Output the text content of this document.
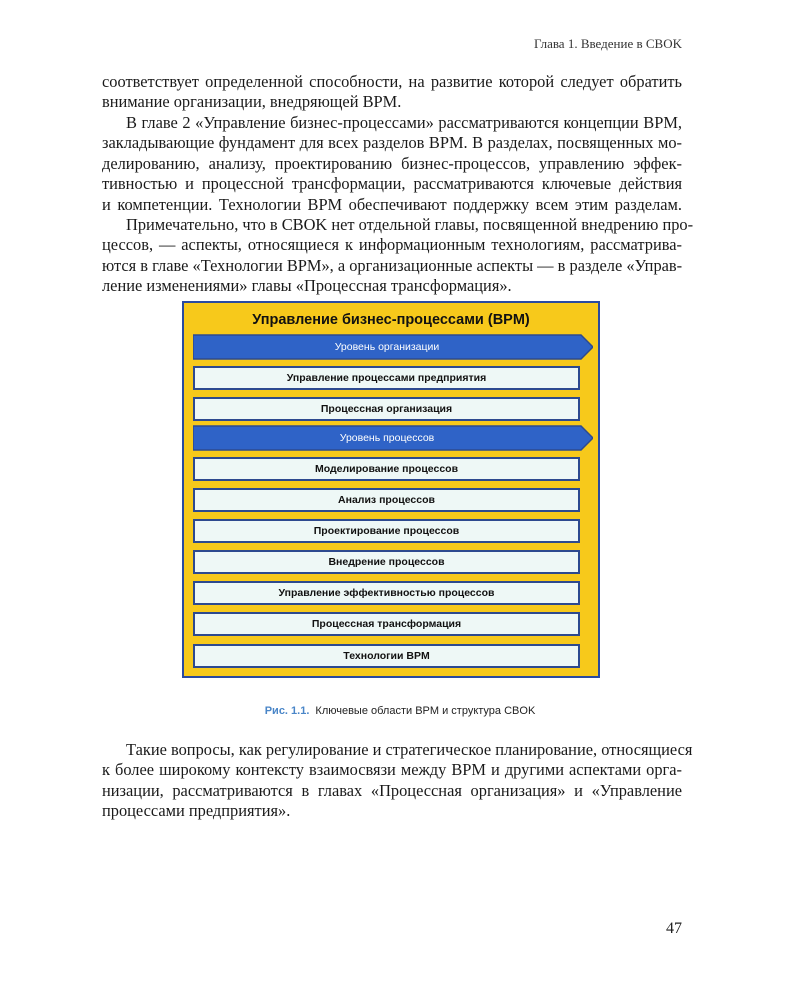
Глава 1. Введение в CBOK
соответствует определенной способности, на развитие которой следует обратить
внимание организации, внедряющей BPM.
В главе 2 «Управление бизнес-процессами» рассматриваются концепции BPM,
закладывающие фундамент для всех разделов BPM. В разделах, посвященных мо-
делированию, анализу, проектированию бизнес-процессов, управлению эффек-
тивностью и процессной трансформации, рассматриваются ключевые действия
и компетенции. Технологии BPM обеспечивают поддержку всем этим разделам.
Примечательно, что в CBOK нет отдельной главы, посвященной внедрению про-
цессов, — аспекты, относящиеся к информационным технологиям, рассматрива-
ются в главе «Технологии BPM», а организационные аспекты — в разделе «Управ-
ление изменениями» главы «Процессная трансформация».
Управление бизнес-процессами (BPM)
Уровень организации
Управление процессами предприятия
Процессная организация
Уровень процессов
Моделирование процессов
Анализ процессов
Проектирование процессов
Внедрение процессов
Управление эффективностью процессов
Процессная трансформация
Технологии BPM
Рис. 1.1. Ключевые области BPM и структура CBOK
Такие вопросы, как регулирование и стратегическое планирование, относящиеся
к более широкому контексту взаимосвязи между BPM и другими аспектами орга-
низации, рассматриваются в главах «Процессная организация» и «Управление
процессами предприятия».
47
